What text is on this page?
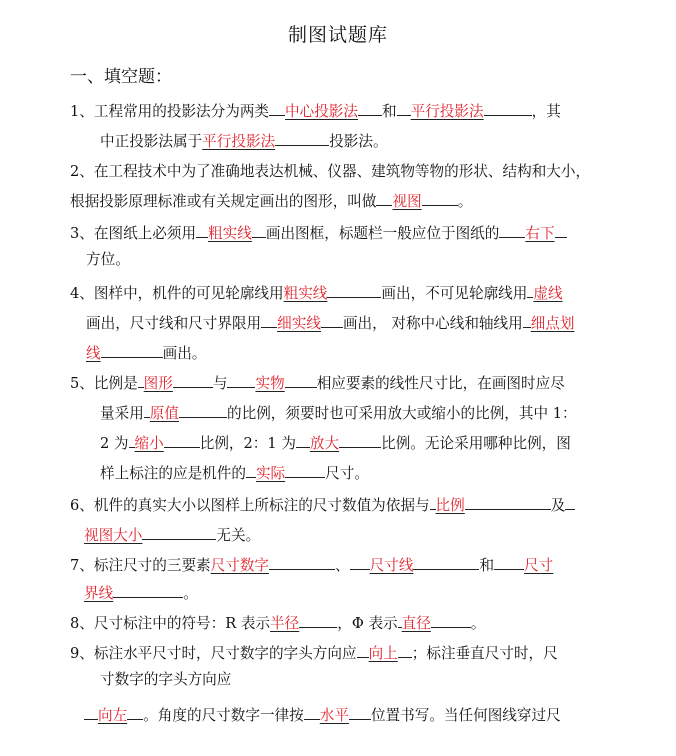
制图试题库
一、填空题：
1、工程常用的投影法分为两类 中心投影法 和 平行投影法	，其
中正投影法属于平行投影法	投影法。
2、在工程技术中为了准确地表达机械、仪器、建筑物等物的形状、结构和大小，
根据投影原理标准或有关规定画出的图形，叫做 视图 。
3、在图纸上必须用 粗实线 画出图框，标题栏一般应位于图纸的 右下
方位。
4、图样中，机件的可见轮廓线用粗实线	画出，不可见轮廓线用 虚线
画出，尺寸线和尺寸界限用 细实线 画出， 对称中心线和轴线用 细点划
线	画出。
5、比例是 图形	与 实物 相应要素的线性尺寸比，在画图时应尽
量采用 原值	的比例，须要时也可采用放大或缩小的比例，其中 1：
2 为 缩小 比例，2：1 为 放大	比例。无论采用哪种比例，图
样上标注的应是机件的 实际	尺寸。
6、机件的真实大小以图样上所标注的尺寸数值为依据与 比例	及
视图大小	无关。
7、标注尺寸的三要素尺寸数字	、 尺寸线	和 尺寸
界线	。
8、尺寸标注中的符号：R 表示半径	，Φ 表示 直径	。
9、标注水平尺寸时，尺寸数字的字头方向应 向上 ；标注垂直尺寸时，尺
寸数字的字头方向应
向左 。角度的尺寸数字一律按 水平 位置书写。当任何图线穿过尺
